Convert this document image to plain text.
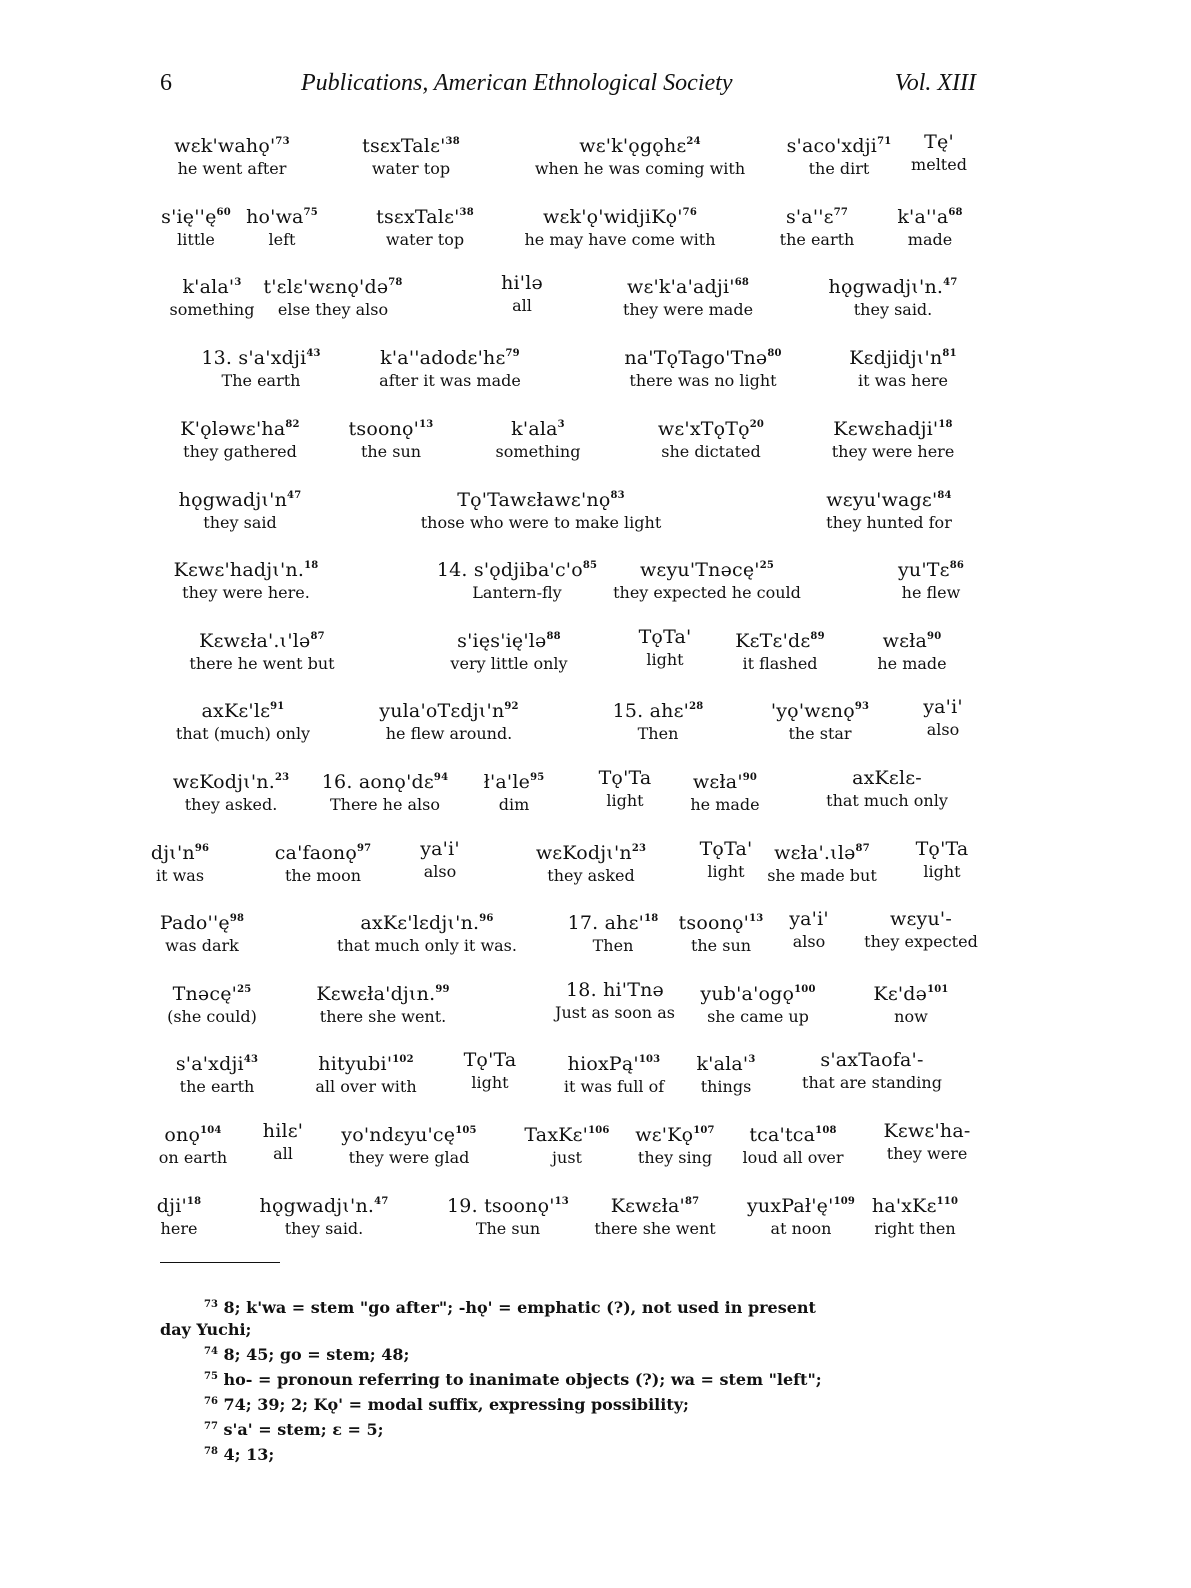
6	Publications, American Ethnological Society	Vol. XIII
$wɛk'wahǫ'^{73}$
he went after
$tsɛxTalɛ'^{38}$
water top
wɛ'k'ǫgǫhɛ$^{24}$
when he was coming with
s'aco'xdji$^{71}$
the dirt
Tę'
melted
$s'ię''ę^{60}$
little
$ho'wa^{75}$
left
$tsɛxTalɛ'^{38}$
water top
$wɛk'ǫ'widjiKǫ'^{76}$
he may have come with
s'a''ɛ$^{77}$
the earth
$k'a''a^{68}$
made
$k'ala'^3$
something
t'ɛlɛ'wɛnǫ'də$^{78}$
else they also
hi'lə
all
$wɛ'k'a'adji'^{68}$
they were made
hǫgwadjɩ'n.$^{47}$
they said.
13. s'a'xdji$^{43}$
The earth
k'a''adodɛ'hɛ$^{79}$
after it was made
na'TǫTago'Tnə$^{80}$
there was no light
$Kɛdjidjɩ'n^{81}$
it was here
$K'ǫləwɛ'ha^{82}$
they gathered
$tsoonǫ'^{13}$
the sun
k'ala$^3$
something
wɛ'xTǫTǫ$^{20}$
she dictated
$Kɛwɛhadji'^{18}$
they were here
$hǫgwadjɩ'n^{47}$
they said
$Tǫ'Tawɛławɛ'nǫ^{83}$
those who were to make light
$wɛyu'wagɛ'^{84}$
they hunted for
Kɛwɛ'hadjɩ'n.$^{18}$
they were here.
14. $s'ǫdjiba'c'o^{85}$
Lantern-fly
$wɛyu'Tnəcę'^{25}$
they expected he could
yu'Tɛ$^{86}$
he flew
Kɛwɛła'.ɩ'lə$^{87}$
there he went but
s'ięs'ię'lə$^{88}$
very little only
TǫTa'
light
KɛTɛ'dɛ$^{89}$
it flashed
wɛła$^{90}$
he made
axKɛ'lɛ$^{91}$
that (much) only
$yula'oTɛdjɩ'n^{92}$
he flew around.
15. $ahɛ'^{28}$
Then
'yǫ'wɛnǫ$^{93}$
the star
ya'i'
also
wɛKodjɩ'n.$^{23}$
they asked.
16. aonǫ'dɛ$^{94}$
There he also
$ł'a'le^{95}$
dim
Tǫ'Ta
light
$wɛła'^{90}$
he made
axKɛlɛ-
that much only
$djɩ'n^{96}$
it was
ca'faonǫ$^{97}$
the moon
ya'i'
also
$wɛKodjɩ'n^{23}$
they asked
TǫTa'
light
wɛła'.ɩlə$^{87}$
she made but
Tǫ'Ta
light
$Pado''ę^{98}$
was dark
axKɛ'lɛdjɩ'n.$^{96}$
that much only it was.
17. $ahɛ'^{18}$
Then
$tsoonǫ'^{13}$
the sun
ya'i'
also
wɛyu'-
they expected
$Tnəcę'^{25}$
(she could)
Kɛwɛła'djɩn.$^{99}$
there she went.
18. hi'Tnə
Just as soon as
yub'a'ogǫ$^{100}$
she came up
Kɛ'də$^{101}$
now
s'a'xdji$^{43}$
the earth
$hityubi'^{102}$
all over with
Tǫ'Ta
light
$hioxPą'^{103}$
it was full of
$k'ala'^3$
things
s'axTaofa'-
that are standing
onǫ$^{104}$
on earth
hilɛ'
all
$yo'ndɛyu'cę^{105}$
they were glad
$TaxKɛ'^{106}$
just
$wɛ'Kǫ^{107}$
they sing
tca'tca$^{108}$
loud all over
Kɛwɛ'ha-
they were
$dji'^{18}$
here
hǫgwadjɩ'n.$^{47}$
they said.
19. $tsoonǫ'^{13}$
The sun
$Kɛwɛła'^{87}$
there she went
$yuxPał'ę'^{109}$
at noon
ha'xKɛ$^{110}$
right then
$^{73}$ 8; k'wa = stem "go after"; -hǫ' = emphatic (?), not used in present
day Yuchi;
$^{74}$ 8; 45; go = stem; 48;
$^{75}$ ho- = pronoun referring to inanimate objects (?); wa = stem "left";
$^{76}$ 74; 39; 2; Kǫ' = modal suffix, expressing possibility;
$^{77}$ s'a' = stem; ɛ = 5;
$^{78}$ 4; 13;
